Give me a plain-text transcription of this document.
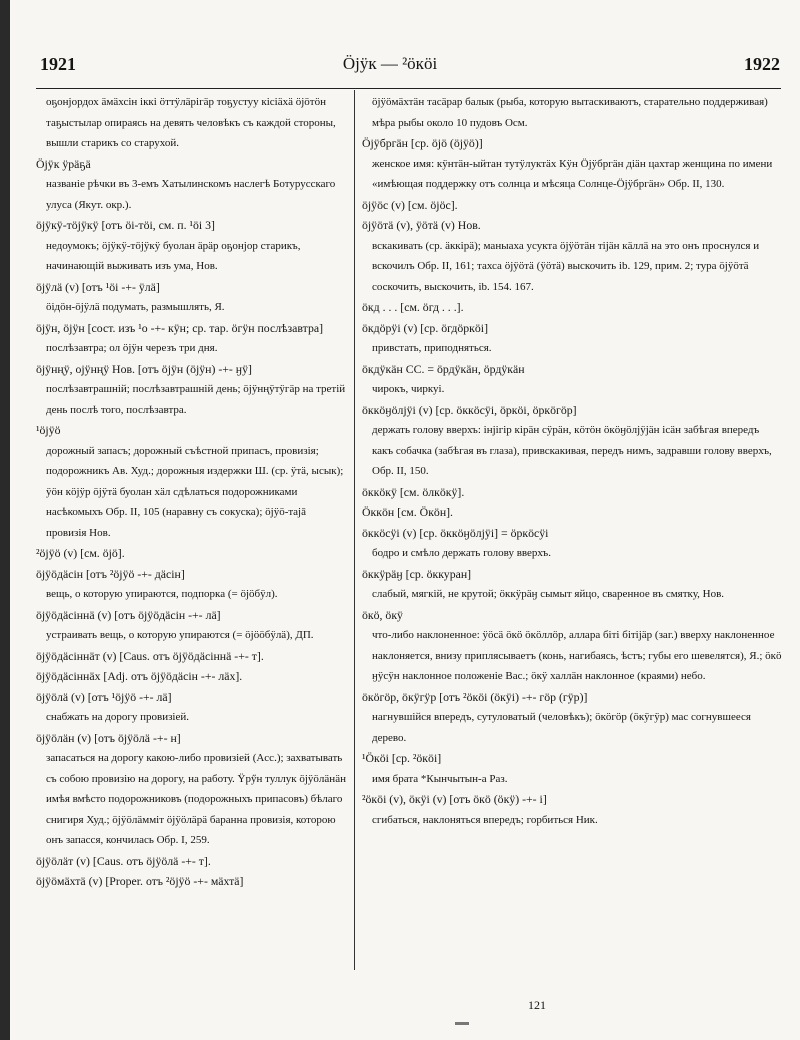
1921	Öjÿк — ²öкöi	1922
оҕонjордох ӓмӓхсін іккі öттÿлӓрігӓр тоҕустуу кісіӓхӓ öjöтöн таҕыстылар опираясь на девять человѣкъ съ каждой стороны, вышли старикъ со старухой.
Öjÿк ÿрӓҕӓ
названіе рѣчки въ 3-емъ Хатылинскомъ наслегѣ Ботурусскаго улуса (Якут. окр.).
öjÿкÿ-тöjÿкÿ [отъ öі-тöі, см. п. ¹öi 3]
недоумокъ; öjÿкÿ-тöjÿкÿ буолан ӓрӓр оҕонjор старикъ, начинающій выживать изъ ума, Нов.
öjÿлӓ (v) [отъ ¹öi -+- ÿлӓ]
öiдöн-öjÿлӓ подумать, размышлять, Я.
öjÿн, öjÿн [сост. изъ ¹о -+- кÿн; ср. тар. öгÿн послѣзавтра]
послѣзавтра; ол öjÿн черезъ три дня.
öjÿнңÿ, оjÿнңÿ Нов. [отъ öjÿн (öjÿн) -+- ӈÿ]
послѣзавтрашній; послѣзавтрашній день; öjÿнңÿтÿгӓр на третій день послѣ того, послѣзавтра.
¹öjÿö
дорожный запасъ; дорожный съѣстной припасъ, провизія; подорожникъ Ав. Худ.; дорожныя издержки Ш. (ср. ÿтӓ, ысык); ÿöн кöjÿр öjÿтӓ буолан хäл сдѣлаться подорожниками насѣкомыхъ Обр. II, 105 (наравну съ сокуска); öjÿö-тajā провизія Нов.
²öjÿö (v) [см. öjö].
öjÿöдӓсін [отъ ²öjÿö -+- дӓсін]
вещь, о которую упираются, подпорка (= öjöбÿл).
öjÿöдӓсіннӓ (v) [отъ öjÿöдӓсін -+- лӓ]
устраивать вещь, о которую упираются (= öjööбÿлӓ), ДП.
öjÿöдӓсіннӓт (v) [Caus. отъ öjÿöдӓсіннӓ -+- т].
öjÿöдӓсіннӓх [Adj. отъ öjÿöдӓсін -+- лӓх].
öjÿöлӓ (v) [отъ ¹öjÿö -+- лӓ]
снабжать на дорогу провизіей.
öjÿöлӓн (v) [отъ öjÿöлӓ -+- н]
запасаться на дорогу какою-либо провизіей (Acc.); захватывать съ собою провизію на дорогу, на работу. Ÿрӳн туллук öjÿöлӓнӓн имѣя вмѣсто подорожниковъ (подорожныхъ припасовъ) бѣлаго снигиря Худ.; öjÿöлӓммiт öjÿöлӓрӓ баранна провизія, которою онъ запасся, кончилась Обр. I, 259.
öjÿöлӓт (v) [Caus. отъ öjÿöлӓ -+- т].
öjÿöмӓхтӓ (v) [Proper. отъ ²öjÿö -+- мӓхтӓ]
öjÿöмӓхтӓн тасӓрар балык (рыба, которую вытаскиваютъ, старательно поддерживая) мѣра рыбы около 10 пудовъ Осм.
Öjÿбргӓн [ср. öjö (öjÿö)]
женское имя: кÿнтӓн-ыйтан тутÿлуктӓх Кÿн Öjÿбргӓн дiӓн цахтар женщина по имени «имѣющая поддержку отъ солнца и мѣсяца Солнце-Öjÿбргӓн» Обр. II, 130.
öjÿöс (v) [см. öjöс].
öjÿöтӓ (v), ÿöтӓ (v) Нов.
вскакивать (ср. ӓккiрӓ); маныаха усукта öjÿöтӓн тiјӓн кӓллӓ на это онъ проснулся и вскочилъ Обр. II, 161; тахса öjÿöтӓ (ÿöтӓ) выскочить ib. 129, прим. 2; тура öjÿöтӓ соскочить, выскочить, ib. 154. 167.
öкд . . . [см. öгд . . .].
öкдöрÿi (v) [ср. öгдöркöi]
привстать, приподняться.
öкдÿкӓн СС. = öрдÿкӓн, öрдÿкӓн
чирокъ, чиркуi.
öккöӈöлjÿi (v) [ср. öккöсÿi, öркöi, öркöгöр]
держать голову вверхъ: iнjiгiр кiрӓн сÿрӓн, кöтöн öкöӈöлjÿjӓн iсӓн забѣгая впередъ какъ собачка (забѣгая въ глаза), привскакивая, передъ нимъ, задравши голову вверхъ, Обр. II, 150.
öккöкÿ [см. öлкöкÿ].
Öккöн [см. Öкöн].
öккöсÿi (v) [ср. öккöӈöлjÿi] = öркöсÿi
бодро и смѣло держать голову вверхъ.
öккÿрӓӈ [ср. öккуран]
слабый, мягкій, не крутой; öккÿрӓӈ сымыт яйцо, сваренное въ смятку, Нов.
öкö, öкÿ
что-либо наклоненное: ÿöсӓ öкö öкöллöр, аллара бiтi бiтiјӓр (заг.) вверху наклоненное наклоняется, внизу приплясываетъ (конь, нагибаясь, ѣстъ; губы его шевелятся), Я.; öкö ӈÿсÿн наклонное положеніе Вас.; öкÿ халлӓн наклонное (краями) небо.
öкöгöр, öкÿгÿр [отъ ²öкöi (öкÿi) -+- гöр (гÿр)]
нагнувшійся впередъ, сутуловатый (человѣкъ); öкöгöр (öкÿгÿр) мас согнувшееся дерево.
¹Öкöi [ср. ²öкöi]
имя брата *Кынчытын-а Раз.
²öкöi (v), öкÿi (v) [отъ öкö (öкÿ) -+- i]
сгибаться, наклоняться впередъ; горбиться Ник.
121
